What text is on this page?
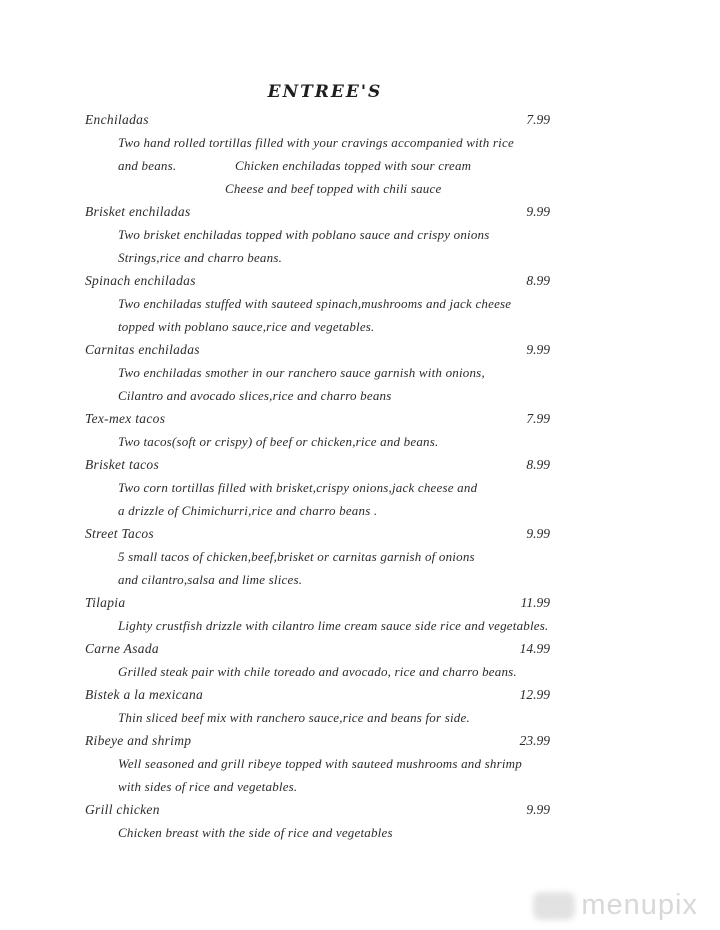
ENTREE'S
Enchiladas	7.99
Two hand rolled tortillas filled with your cravings accompanied with rice
and beans.                 Chicken enchiladas topped with sour cream
Cheese and beef topped with chili sauce
Brisket enchiladas	9.99
Two brisket enchiladas topped with poblano sauce and crispy onions
Strings,rice and charro beans.
Spinach enchiladas	8.99
Two enchiladas stuffed with sauteed spinach,mushrooms and jack cheese
topped with poblano sauce,rice and vegetables.
Carnitas enchiladas	9.99
Two enchiladas smother in our ranchero sauce garnish with onions,
Cilantro and avocado slices,rice and charro beans
Tex-mex tacos	7.99
Two tacos(soft or crispy) of beef or chicken,rice and beans.
Brisket tacos	8.99
Two corn tortillas filled with brisket,crispy onions,jack cheese and
a drizzle of Chimichurri,rice and charro beans .
Street Tacos	9.99
5 small tacos of chicken,beef,brisket or carnitas garnish of onions
and cilantro,salsa and lime slices.
Tilapia	11.99
Lighty crustfish drizzle with cilantro lime cream sauce side rice and vegetables.
Carne Asada	14.99
Grilled steak pair with chile toreado and avocado, rice and charro beans.
Bistek a la mexicana	12.99
Thin sliced beef mix with ranchero sauce,rice and beans for side.
Ribeye and shrimp	23.99
Well seasoned and grill ribeye topped with sauteed mushrooms and shrimp
with sides of rice and vegetables.
Grill chicken	9.99
Chicken breast with the side of rice and vegetables
menupix
